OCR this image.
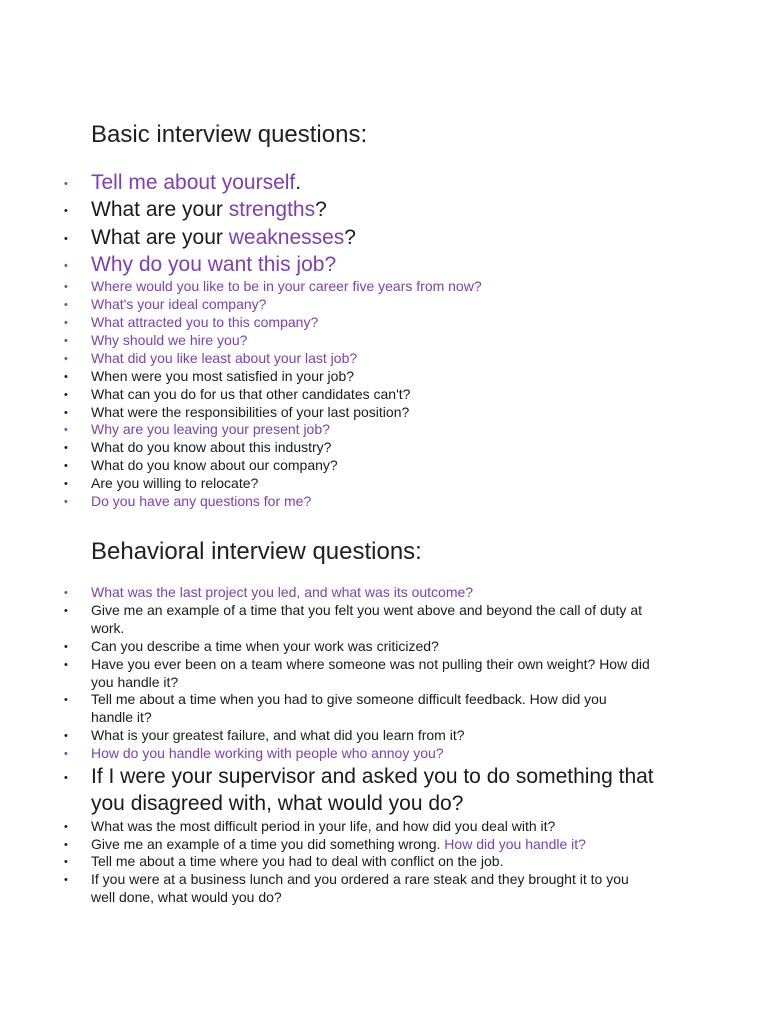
Basic interview questions:
• Tell me about yourself.
• What are your strengths?
• What are your weaknesses?
• Why do you want this job?
• Where would you like to be in your career five years from now?
• What's your ideal company?
• What attracted you to this company?
• Why should we hire you?
• What did you like least about your last job?
• When were you most satisfied in your job?
• What can you do for us that other candidates can't?
• What were the responsibilities of your last position?
• Why are you leaving your present job?
• What do you know about this industry?
• What do you know about our company?
• Are you willing to relocate?
• Do you have any questions for me?
Behavioral interview questions:
• What was the last project you led, and what was its outcome?
• Give me an example of a time that you felt you went above and beyond the call of duty at work.
• Can you describe a time when your work was criticized?
• Have you ever been on a team where someone was not pulling their own weight? How did you handle it?
• Tell me about a time when you had to give someone difficult feedback. How did you handle it?
• What is your greatest failure, and what did you learn from it?
• How do you handle working with people who annoy you?
• If I were your supervisor and asked you to do something that you disagreed with, what would you do?
• What was the most difficult period in your life, and how did you deal with it?
• Give me an example of a time you did something wrong. How did you handle it?
• Tell me about a time where you had to deal with conflict on the job.
• If you were at a business lunch and you ordered a rare steak and they brought it to you well done, what would you do?
